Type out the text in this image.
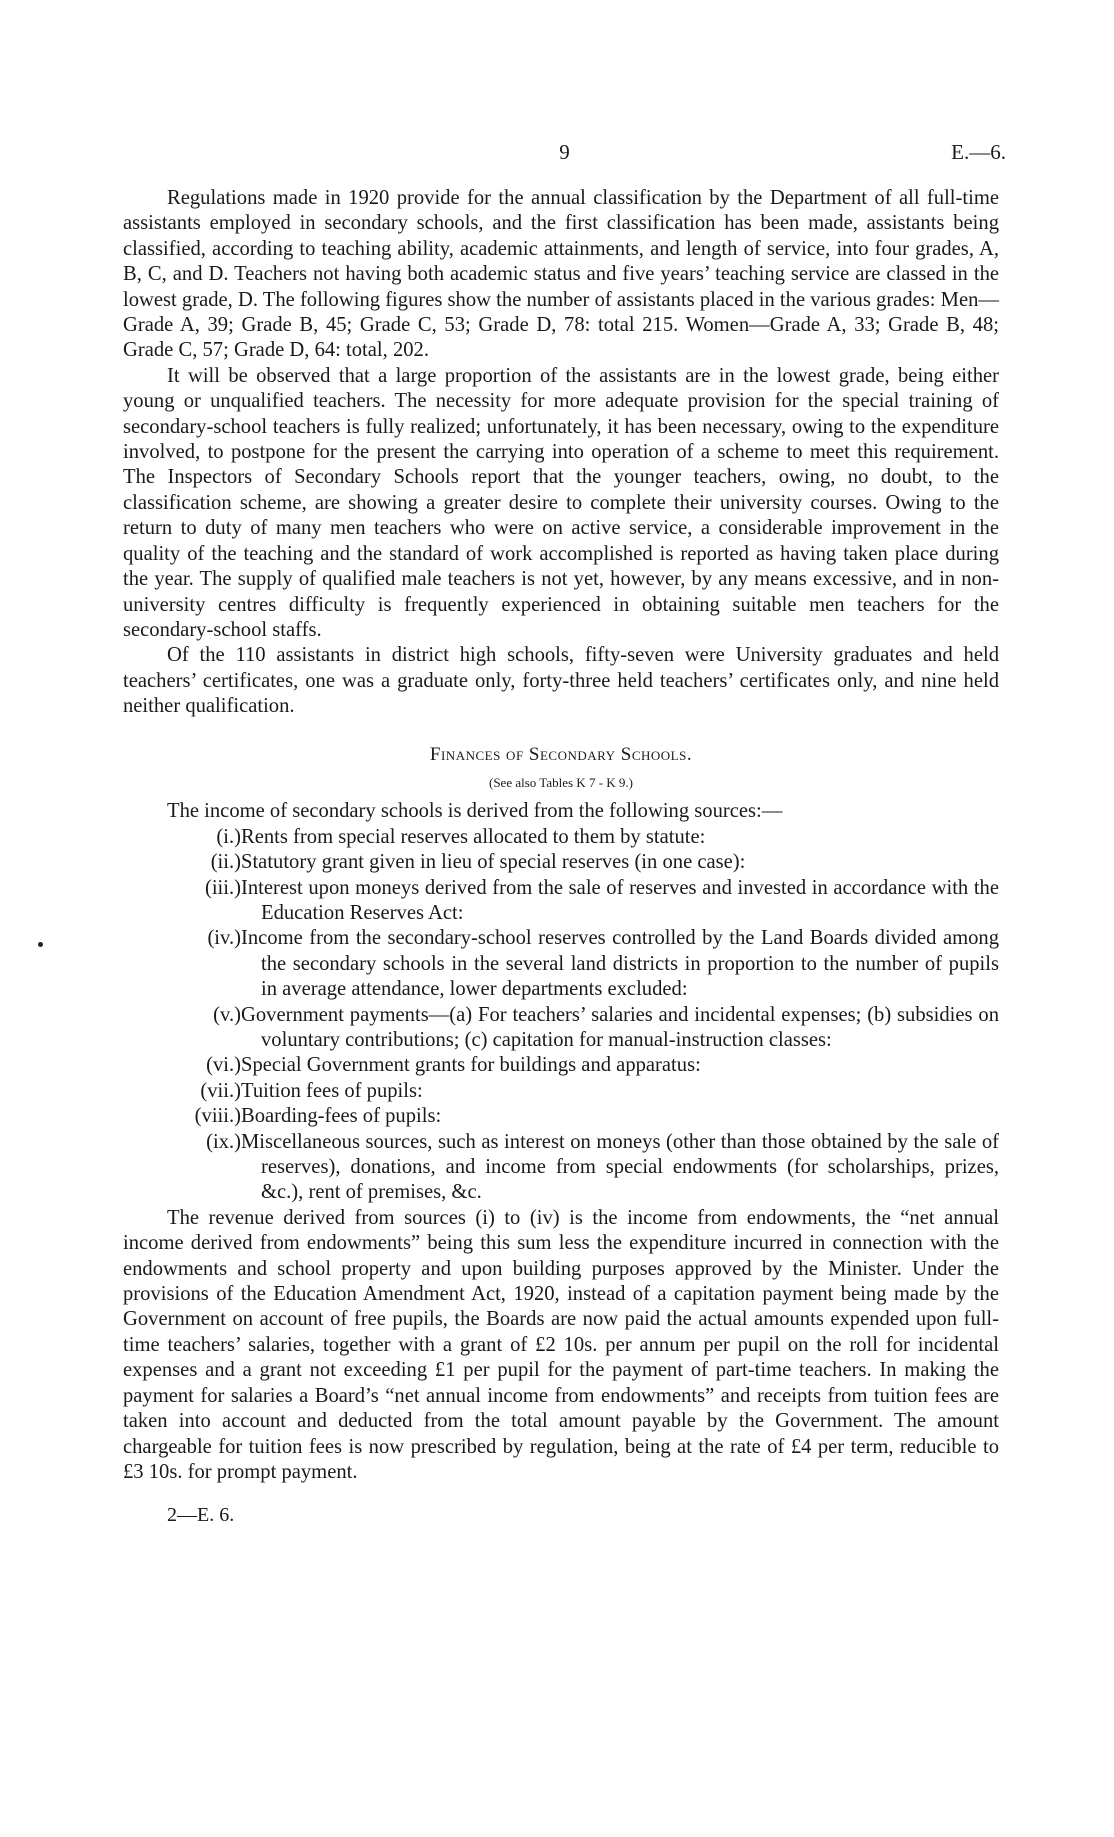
9	E.—6.

Regulations made in 1920 provide for the annual classification by the Department of all full-time assistants employed in secondary schools, and the first classification has been made, assistants being classified, according to teaching ability, academic attainments, and length of service, into four grades, A, B, C, and D. Teachers not having both academic status and five years’ teaching service are classed in the lowest grade, D. The following figures show the number of assistants placed in the various grades: Men—Grade A, 39; Grade B, 45; Grade C, 53; Grade D, 78: total 215. Women—Grade A, 33; Grade B, 48; Grade C, 57; Grade D, 64: total, 202.

It will be observed that a large proportion of the assistants are in the lowest grade, being either young or unqualified teachers. The necessity for more adequate provision for the special training of secondary-school teachers is fully realized; unfortunately, it has been necessary, owing to the expenditure involved, to postpone for the present the carrying into operation of a scheme to meet this requirement. The Inspectors of Secondary Schools report that the younger teachers, owing, no doubt, to the classification scheme, are showing a greater desire to complete their university courses. Owing to the return to duty of many men teachers who were on active service, a considerable improvement in the quality of the teaching and the standard of work accomplished is reported as having taken place during the year. The supply of qualified male teachers is not yet, however, by any means excessive, and in non-university centres difficulty is frequently experienced in obtaining suitable men teachers for the secondary-school staffs.

Of the 110 assistants in district high schools, fifty-seven were University graduates and held teachers’ certificates, one was a graduate only, forty-three held teachers’ certificates only, and nine held neither qualification.

Finances of Secondary Schools.
(See also Tables K 7 - K 9.)

The income of secondary schools is derived from the following sources:—

(i.) Rents from special reserves allocated to them by statute:
(ii.) Statutory grant given in lieu of special reserves (in one case):
(iii.) Interest upon moneys derived from the sale of reserves and invested in accordance with the Education Reserves Act:
(iv.) Income from the secondary-school reserves controlled by the Land Boards divided among the secondary schools in the several land districts in proportion to the number of pupils in average attendance, lower departments excluded:
(v.) Government payments—(a) For teachers’ salaries and incidental expenses; (b) subsidies on voluntary contributions; (c) capitation for manual-instruction classes:
(vi.) Special Government grants for buildings and apparatus:
(vii.) Tuition fees of pupils:
(viii.) Boarding-fees of pupils:
(ix.) Miscellaneous sources, such as interest on moneys (other than those obtained by the sale of reserves), donations, and income from special endowments (for scholarships, prizes, &c.), rent of premises, &c.

The revenue derived from sources (i) to (iv) is the income from endowments, the “net annual income derived from endowments” being this sum less the expenditure incurred in connection with the endowments and school property and upon building purposes approved by the Minister. Under the provisions of the Education Amendment Act, 1920, instead of a capitation payment being made by the Government on account of free pupils, the Boards are now paid the actual amounts expended upon full-time teachers’ salaries, together with a grant of £2 10s. per annum per pupil on the roll for incidental expenses and a grant not exceeding £1 per pupil for the payment of part-time teachers. In making the payment for salaries a Board’s “net annual income from endowments” and receipts from tuition fees are taken into account and deducted from the total amount payable by the Government. The amount chargeable for tuition fees is now prescribed by regulation, being at the rate of £4 per term, reducible to £3 10s. for prompt payment.

2—E. 6.
